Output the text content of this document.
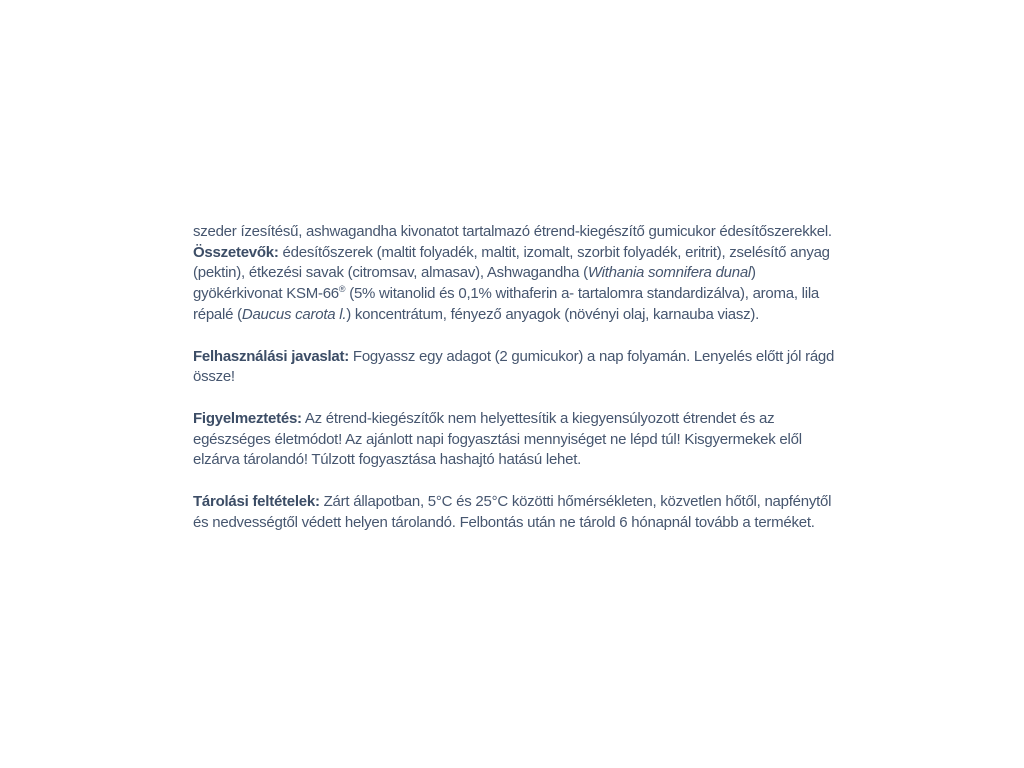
szeder ízesítésű, ashwagandha kivonatot tartalmazó étrend-kiegészítő gumicukor édesítőszerekkel. Összetevők: édesítőszerek (maltit folyadék, maltit, izomalt, szorbit folyadék, eritrit), zselésítő anyag (pektin), étkezési savak (citromsav, almasav), Ashwagandha (Withania somnifera dunal) gyökérkivonat KSM-66® (5% witanolid és 0,1% withaferin a- tartalomra standardizálva), aroma, lila répalé (Daucus carota l.) koncentrátum, fényező anyagok (növényi olaj, karnauba viasz).

Felhasználási javaslat: Fogyassz egy adagot (2 gumicukor) a nap folyamán. Lenyelés előtt jól rágd össze!

Figyelmeztetés: Az étrend-kiegészítők nem helyettesítik a kiegyensúlyozott étrendet és az egészséges életmódot! Az ajánlott napi fogyasztási mennyiséget ne lépd túl! Kisgyermekek elől elzárva tárolandó! Túlzott fogyasztása hashajtó hatású lehet.

Tárolási feltételek: Zárt állapotban, 5°C és 25°C közötti hőmérsékleten, közvetlen hőtől, napfénytől és nedvességtől védett helyen tárolandó. Felbontás után ne tárold 6 hónapnál tovább a terméket.
